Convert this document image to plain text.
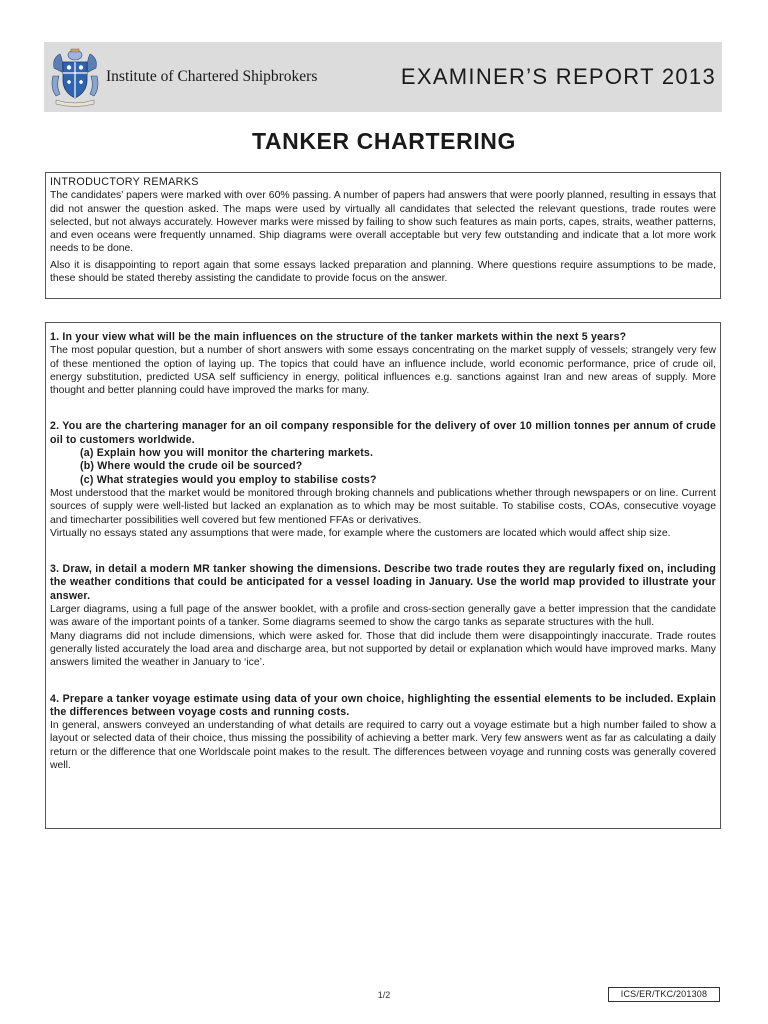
Institute of Chartered Shipbrokers	EXAMINER’S REPORT 2013
TANKER CHARTERING

INTRODUCTORY REMARKS

The candidates’ papers were marked with over 60% passing. A number of papers had answers that were poorly planned, resulting in essays that did not answer the question asked. The maps were used by virtually all candidates that selected the relevant questions, trade routes were selected, but not always accurately. However marks were missed by failing to show such features as main ports, capes, straits, weather patterns, and even oceans were frequently unnamed. Ship diagrams were overall acceptable but very few outstanding and indicate that a lot more work needs to be done.

Also it is disappointing to report again that some essays lacked preparation and planning. Where questions require assumptions to be made, these should be stated thereby assisting the candidate to provide focus on the answer.

1. In your view what will be the main influences on the structure of the tanker markets within the next 5 years?

The most popular question, but a number of short answers with some essays concentrating on the market supply of vessels; strangely very few of these mentioned the option of laying up. The topics that could have an influence include, world economic performance, price of crude oil, energy substitution, predicted USA self sufficiency in energy, political influences e.g. sanctions against Iran and new areas of supply. More thought and better planning could have improved the marks for many.

2. You are the chartering manager for an oil company responsible for the delivery of over 10 million tonnes per annum of crude oil to customers worldwide.

(a) Explain how you will monitor the chartering markets.

(b) Where would the crude oil be sourced?

(c) What strategies would you employ to stabilise costs?

Most understood that the market would be monitored through broking channels and publications whether through newspapers or on line. Current sources of supply were well-listed but lacked an explanation as to which may be most suitable. To stabilise costs, COAs, consecutive voyage and timecharter possibilities well covered but few mentioned FFAs or derivatives.

Virtually no essays stated any assumptions that were made, for example where the customers are located which would affect ship size.

3. Draw, in detail a modern MR tanker showing the dimensions. Describe two trade routes they are regularly fixed on, including the weather conditions that could be anticipated for a vessel loading in January. Use the world map provided to illustrate your answer.

Larger diagrams, using a full page of the answer booklet, with a profile and cross-section generally gave a better impression that the candidate was aware of the important points of a tanker. Some diagrams seemed to show the cargo tanks as separate structures with the hull.

Many diagrams did not include dimensions, which were asked for. Those that did include them were disappointingly inaccurate. Trade routes generally listed accurately the load area and discharge area, but not supported by detail or explanation which would have improved marks. Many answers limited the weather in January to ‘ice’.

4. Prepare a tanker voyage estimate using data of your own choice, highlighting the essential elements to be included. Explain the differences between voyage costs and running costs.

In general, answers conveyed an understanding of what details are required to carry out a voyage estimate but a high number failed to show a layout or selected data of their choice, thus missing the possibility of achieving a better mark. Very few answers went as far as calculating a daily return or the difference that one Worldscale point makes to the result. The differences between voyage and running costs was generally covered well.

1/2	ICS/ER/TKC/201308
